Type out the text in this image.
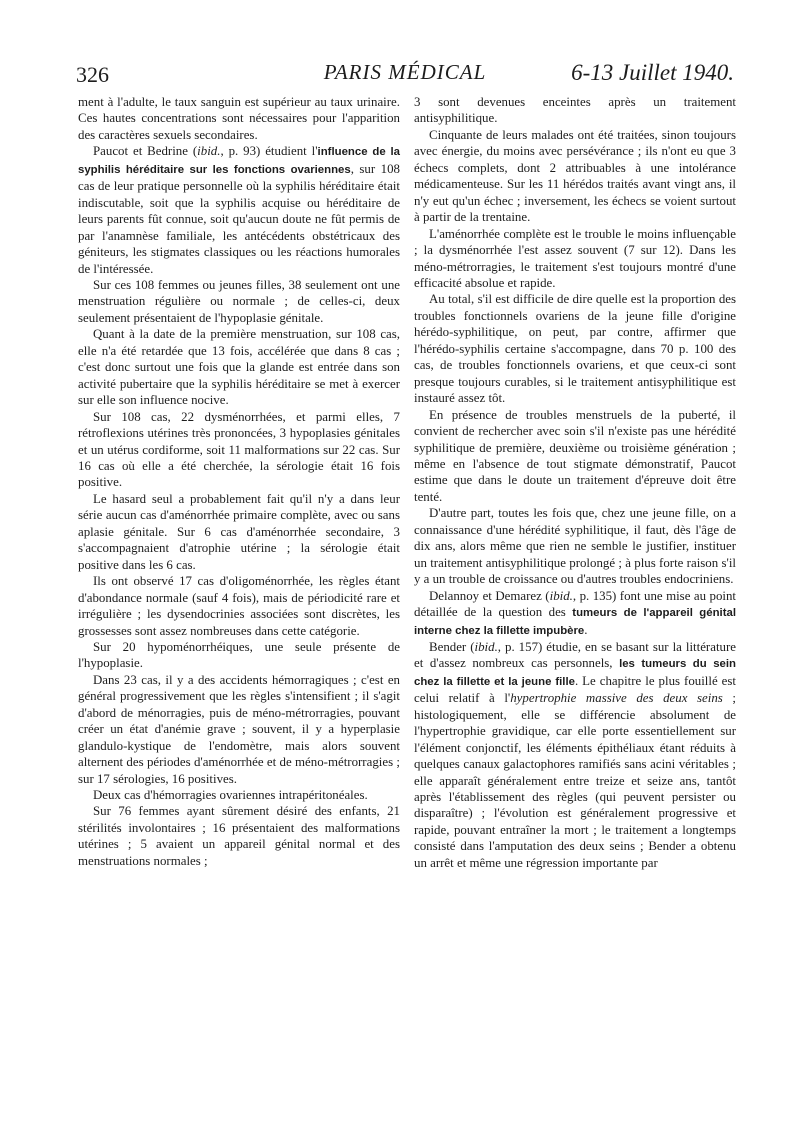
326	PARIS MÉDICAL	6-13 Juillet 1940.

ment à l'adulte, le taux sanguin est supérieur au taux urinaire. Ces hautes concentrations sont nécessaires pour l'apparition des caractères sexuels secondaires.

Paucot et Bedrine (ibid., p. 93) étudient l'influence de la syphilis héréditaire sur les fonctions ovariennes, sur 108 cas de leur pratique personnelle où la syphilis héréditaire était indiscutable, soit que la syphilis acquise ou héréditaire de leurs parents fût connue, soit qu'aucun doute ne fût permis de par l'anamnèse familiale, les antécédents obstétricaux des géniteurs, les stigmates classiques ou les réactions humorales de l'intéressée.

Sur ces 108 femmes ou jeunes filles, 38 seulement ont une menstruation régulière ou normale ; de celles-ci, deux seulement présentaient de l'hypoplasie génitale.

Quant à la date de la première menstruation, sur 108 cas, elle n'a été retardée que 13 fois, accélérée que dans 8 cas ; c'est donc surtout une fois que la glande est entrée dans son activité pubertaire que la syphilis héréditaire se met à exercer sur elle son influence nocive.

Sur 108 cas, 22 dysménorrhées, et parmi elles, 7 rétroflexions utérines très prononcées, 3 hypoplasies génitales et un utérus cordiforme, soit 11 malformations sur 22 cas. Sur 16 cas où elle a été cherchée, la sérologie était 16 fois positive.

Le hasard seul a probablement fait qu'il n'y a dans leur série aucun cas d'aménorrhée primaire complète, avec ou sans aplasie génitale. Sur 6 cas d'aménorrhée secondaire, 3 s'accompagnaient d'atrophie utérine ; la sérologie était positive dans les 6 cas.

Ils ont observé 17 cas d'oligoménorrhée, les règles étant d'abondance normale (sauf 4 fois), mais de périodicité rare et irrégulière ; les dysendocrinies associées sont discrètes, les grossesses sont assez nombreuses dans cette catégorie.

Sur 20 hypoménorrhéiques, une seule présente de l'hypoplasie.

Dans 23 cas, il y a des accidents hémorragiques ; c'est en général progressivement que les règles s'intensifient ; il s'agit d'abord de ménorragies, puis de méno-métrorragies, pouvant créer un état d'anémie grave ; souvent, il y a hyperplasie glandulo-kystique de l'endomètre, mais alors souvent alternent des périodes d'aménorrhée et de méno-métrorragies ; sur 17 sérologies, 16 positives.

Deux cas d'hémorragies ovariennes intrapéritonéales.

Sur 76 femmes ayant sûrement désiré des enfants, 21 stérilités involontaires ; 16 présentaient des malformations utérines ; 5 avaient un appareil génital normal et des menstruations normales ;

3 sont devenues enceintes après un traitement antisyphilitique.

Cinquante de leurs malades ont été traitées, sinon toujours avec énergie, du moins avec persévérance ; ils n'ont eu que 3 échecs complets, dont 2 attribuables à une intolérance médicamenteuse. Sur les 11 hérédos traités avant vingt ans, il n'y eut qu'un échec ; inversement, les échecs se voient surtout à partir de la trentaine.

L'aménorrhée complète est le trouble le moins influençable ; la dysménorrhée l'est assez souvent (7 sur 12). Dans les méno-métrorragies, le traitement s'est toujours montré d'une efficacité absolue et rapide.

Au total, s'il est difficile de dire quelle est la proportion des troubles fonctionnels ovariens de la jeune fille d'origine hérédo-syphilitique, on peut, par contre, affirmer que l'hérédo-syphilis certaine s'accompagne, dans 70 p. 100 des cas, de troubles fonctionnels ovariens, et que ceux-ci sont presque toujours curables, si le traitement antisyphilitique est instauré assez tôt.

En présence de troubles menstruels de la puberté, il convient de rechercher avec soin s'il n'existe pas une hérédité syphilitique de première, deuxième ou troisième génération ; même en l'absence de tout stigmate démonstratif, Paucot estime que dans le doute un traitement d'épreuve doit être tenté.

D'autre part, toutes les fois que, chez une jeune fille, on a connaissance d'une hérédité syphilitique, il faut, dès l'âge de dix ans, alors même que rien ne semble le justifier, instituer un traitement antisyphilitique prolongé ; à plus forte raison s'il y a un trouble de croissance ou d'autres troubles endocriniens.

Delannoy et Demarez (ibid., p. 135) font une mise au point détaillée de la question des tumeurs de l'appareil génital interne chez la fillette impubère.

Bender (ibid., p. 157) étudie, en se basant sur la littérature et d'assez nombreux cas personnels, les tumeurs du sein chez la fillette et la jeune fille. Le chapitre le plus fouillé est celui relatif à l'hypertrophie massive des deux seins ; histologiquement, elle se différencie absolument de l'hypertrophie gravidique, car elle porte essentiellement sur l'élément conjonctif, les éléments épithéliaux étant réduits à quelques canaux galactophores ramifiés sans acini véritables ; elle apparaît généralement entre treize et seize ans, tantôt après l'établissement des règles (qui peuvent persister ou disparaître) ; l'évolution est généralement progressive et rapide, pouvant entraîner la mort ; le traitement a longtemps consisté dans l'amputation des deux seins ; Bender a obtenu un arrêt et même une régression importante par
